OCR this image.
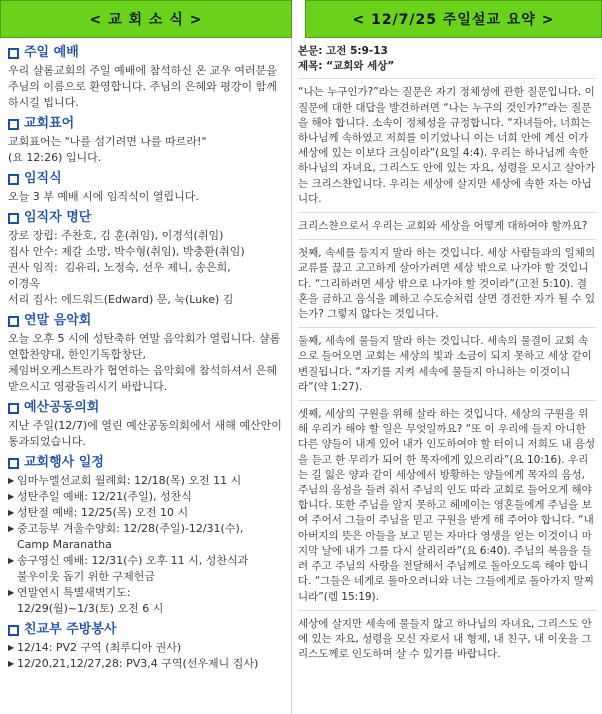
< 교 회 소 식 >	< 12/7/25 주일설교 요약 >
주일 예배
우리 샬롬교회의 주일 예배에 참석하신 온 교우 여러분을 주님의 이름으로 환영합니다. 주님의 은혜와 평강이 함께 하시길 빕니다.
교회표어
교회표어는 "나를 섬기려면 나를 따르라!"
(요 12:26) 입니다.
임직식
오늘 3 부 예배 시에 임직식이 열립니다.
임직자 명단
장로 장립: 주찬호, 김 훈(취임), 이경석(취임)
집사 안수: 제갈 소망, 박수형(취임), 박충환(취임)
권사 임직:  김유리, 노정숙, 선우 제니, 송은희,
이경옥
서리 집사: 에드워드(Edward) 문, 눅(Luke) 김
연말 음악회
오늘 오후 5 시에 성탄축하 연말 음악회가 열립니다. 샬롬연합찬양대, 한인기독합창단,
체임버오케스트라가 협연하는 음악회에 참석하셔서 은혜 받으시고 영광돌리시기 바랍니다.
예산공동의회
지난 주일(12/7)에 열린 예산공동의회에서 새해 예산안이 통과되었습니다.
교회행사 일정
▶ 임마누엘선교회 월례회: 12/18(목) 오전 11 시
▶ 성탄주일 예배: 12/21(주일), 성찬식
▶ 성탄절 예배: 12/25(목) 오전 10 시
▶ 중고등부 겨울수양회: 12/28(주일)-12/31(수),
Camp Maranatha
▶ 송구영신 예배: 12/31(수) 오후 11 시, 성찬식과
불우이웃 돕기 위한 구제헌금
▶ 연말연시 특별새벽기도:
12/29(월)~1/3(토) 오전 6 시
친교부 주방봉사
▶ 12/14: PV2 구역 (최루디아 권사)
▶ 12/20,21,12/27,28: PV3,4 구역(선우제니 집사)
본문: 고전 5:9-13
제목: “교회와 세상”
“나는 누구인가?”라는 질문은 자기 정체성에 관한 질문입니다. 이 질문에 대한 대답을 발견하려면 “나는 누구의 것인가?”라는 질문을 해야 합니다. 소속이 정체성을 규정합니다. “자녀들아, 너희는 하나님께 속하였고 저희를 이기었나니 이는 너희 안에 계신 이가 세상에 있는 이보다 크심이라”(요일 4:4). 우리는 하나님께 속한 하나님의 자녀요, 그리스도 안에 있는 자요, 성령을 모시고 살아가는 크리스챤입니다. 우리는 세상에 살지만 세상에 속한 자는 아닙니다.
크리스챤으로서 우리는 교회와 세상을 어떻게 대하여야 할까요?
첫째, 속세를 등지지 말라 하는 것입니다. 세상 사람들과의 일체의 교류를 끊고 고고하게 살아가려면 세상 밖으로 나가야 할 것입니다. “그리하려면 세상 밖으로 나가야 할 것이라”(고전 5:10). 결혼을 금하고 음식을 폐하고 수도승처럼 살면 경건한 자가 될 수 있는가? 그렇지 않다는 것입니다.
둘째, 세속에 물들지 말라 하는 것입니다. 세속의 물결이 교회 속으로 들어오면 교회는 세상의 빛과 소금이 되지 못하고 세상 같이 변질됩니다. “자기를 지켜 세속에 물들지 아니하는 이것이니라”(약 1:27).
셋째, 세상의 구원을 위해 살라 하는 것입니다. 세상의 구원을 위해 우리가 해야 할 일은 무엇일까요? “또 이 우리에 들지 아니한 다른 양들이 내게 있어 내가 인도하여야 할 터이니 저희도 내 음성을 듣고 한 무리가 되어 한 목자에게 있으리라”(요 10:16). 우리는 길 잃은 양과 같이 세상에서 방황하는 양들에게 목자의 음성, 주님의 음성을 들려 줘서 주님의 인도 따라 교회로 들어오게 해야 합니다. 또한 주님을 알지 못하고 헤메이는 영혼들에게 주님을 보여 주어서 그들이 주님을 믿고 구원을 받게 해 주어야 합니다. “내 아버지의 뜻은 아들을 보고 믿는 자마다 영생을 얻는 이것이니 마지막 날에 내가 그를 다시 살리리라”(요 6:40). 주님의 복음을 들려 주고 주님의 사랑을 전달해서 주님께로 돌아오도록 해야 합니다. “그들은 네게로 돌아오려니와 너는 그들에게로 돌아가지 말찌니라”(렘 15:19).
세상에 살지만 세속에 물들지 않고 하나님의 자녀요, 그리스도 안에 있는 자요, 성령을 모신 자로서 내 형제, 내 친구, 내 이웃을 그리스도께로 인도하며 살 수 있기를 바랍니다.
